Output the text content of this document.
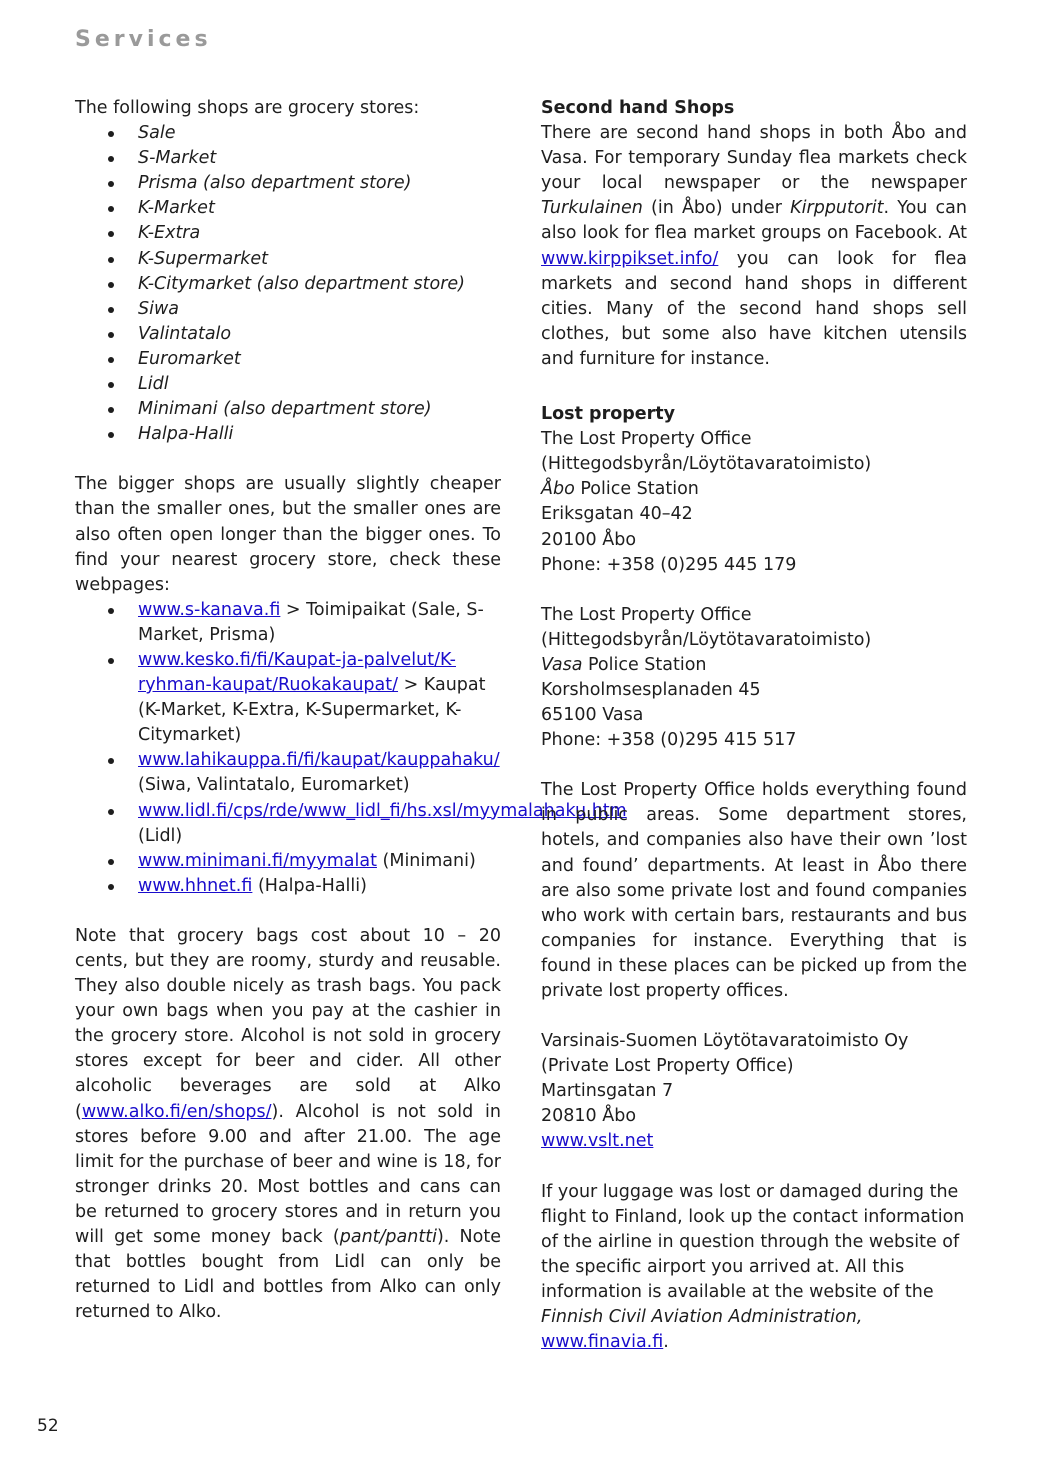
Services

The following shops are grocery stores:

Sale
S-Market
Prisma (also department store)
K-Market
K-Extra
K-Supermarket
K-Citymarket (also department store)
Siwa
Valintatalo
Euromarket
Lidl
Minimani (also department store)
Halpa-Halli

The bigger shops are usually slightly cheaper than the smaller ones, but the smaller ones are also often open longer than the bigger ones. To find your nearest grocery store, check these webpages:

www.s-kanava.fi > Toimipaikat (Sale, S-Market, Prisma)
www.kesko.fi/fi/Kaupat-ja-palvelut/K-ryhman-kaupat/Ruokakaupat/ > Kaupat (K-Market, K-Extra, K-Supermarket, K-Citymarket)
www.lahikauppa.fi/fi/kaupat/kauppahaku/ (Siwa, Valintatalo, Euromarket)
www.lidl.fi/cps/rde/www_lidl_fi/hs.xsl/myymalahaku.htm (Lidl)
www.minimani.fi/myymalat (Minimani)
www.hhnet.fi (Halpa-Halli)

Note that grocery bags cost about 10 – 20 cents, but they are roomy, sturdy and reusable. They also double nicely as trash bags. You pack your own bags when you pay at the cashier in the grocery store. Alcohol is not sold in grocery stores except for beer and cider. All other alcoholic beverages are sold at Alko (www.alko.fi/en/shops/). Alcohol is not sold in stores before 9.00 and after 21.00. The age limit for the purchase of beer and wine is 18, for stronger drinks 20. Most bottles and cans can be returned to grocery stores and in return you will get some money back (pant/pantti). Note that bottles bought from Lidl can only be returned to Lidl and bottles from Alko can only returned to Alko.

Second hand Shops

There are second hand shops in both Åbo and Vasa. For temporary Sunday flea markets check your local newspaper or the newspaper Turkulainen (in Åbo) under Kirpputorit. You can also look for flea market groups on Facebook. At www.kirppikset.info/ you can look for flea markets and second hand shops in different cities. Many of the second hand shops sell clothes, but some also have kitchen utensils and furniture for instance.

Lost property

The Lost Property Office

(Hittegodsbyrån/Löytötavaratoimisto)

Åbo Police Station

Eriksgatan 40–42

20100 Åbo

Phone: +358 (0)295 445 179

The Lost Property Office

(Hittegodsbyrån/Löytötavaratoimisto)

Vasa Police Station

Korsholmsesplanaden 45

65100 Vasa

Phone: +358 (0)295 415 517

The Lost Property Office holds everything found in public areas. Some department stores, hotels, and companies also have their own ’lost and found’ departments. At least in Åbo there are also some private lost and found companies who work with certain bars, restaurants and bus companies for instance. Everything that is found in these places can be picked up from the private lost property offices.

Varsinais-Suomen Löytötavaratoimisto Oy

(Private Lost Property Office)

Martinsgatan 7

20810 Åbo

www.vslt.net

If your luggage was lost or damaged during the flight to Finland, look up the contact information of the airline in question through the website of the specific airport you arrived at. All this information is available at the website of the Finnish Civil Aviation Administration, www.finavia.fi.

52
